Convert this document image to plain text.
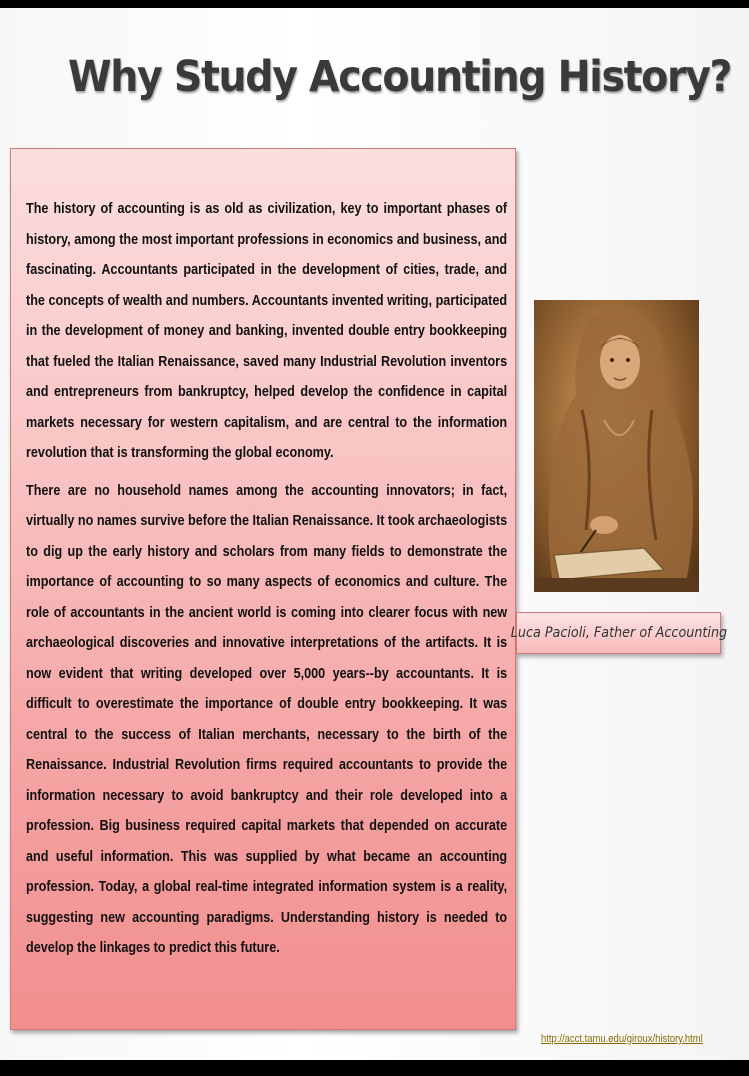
Why Study Accounting History?

The history of accounting is as old as civilization, key to important phases of history, among the most important professions in economics and business, and fascinating. Accountants participated in the development of cities, trade, and the concepts of wealth and numbers. Accountants invented writing, participated in the development of money and banking, invented double entry bookkeeping that fueled the Italian Renaissance, saved many Industrial Revolution inventors and entrepreneurs from bankruptcy, helped develop the confidence in capital markets necessary for western capitalism, and are central to the information revolution that is transforming the global economy.

There are no household names among the accounting innovators; in fact, virtually no names survive before the Italian Renaissance. It took archaeologists to dig up the early history and scholars from many fields to demonstrate the importance of accounting to so many aspects of economics and culture. The role of accountants in the ancient world is coming into clearer focus with new archaeological discoveries and innovative interpretations of the artifacts. It is now evident that writing developed over 5,000 years--by accountants. It is difficult to overestimate the importance of double entry bookkeeping. It was central to the success of Italian merchants, necessary to the birth of the Renaissance. Industrial Revolution firms required accountants to provide the information necessary to avoid bankruptcy and their role developed into a profession. Big business required capital markets that depended on accurate and useful information. This was supplied by what became an accounting profession. Today, a global real-time integrated information system is a reality, suggesting new accounting paradigms. Understanding history is needed to develop the linkages to predict this future.

Luca Pacioli, Father of Accounting
http://acct.tamu.edu/giroux/history.html
